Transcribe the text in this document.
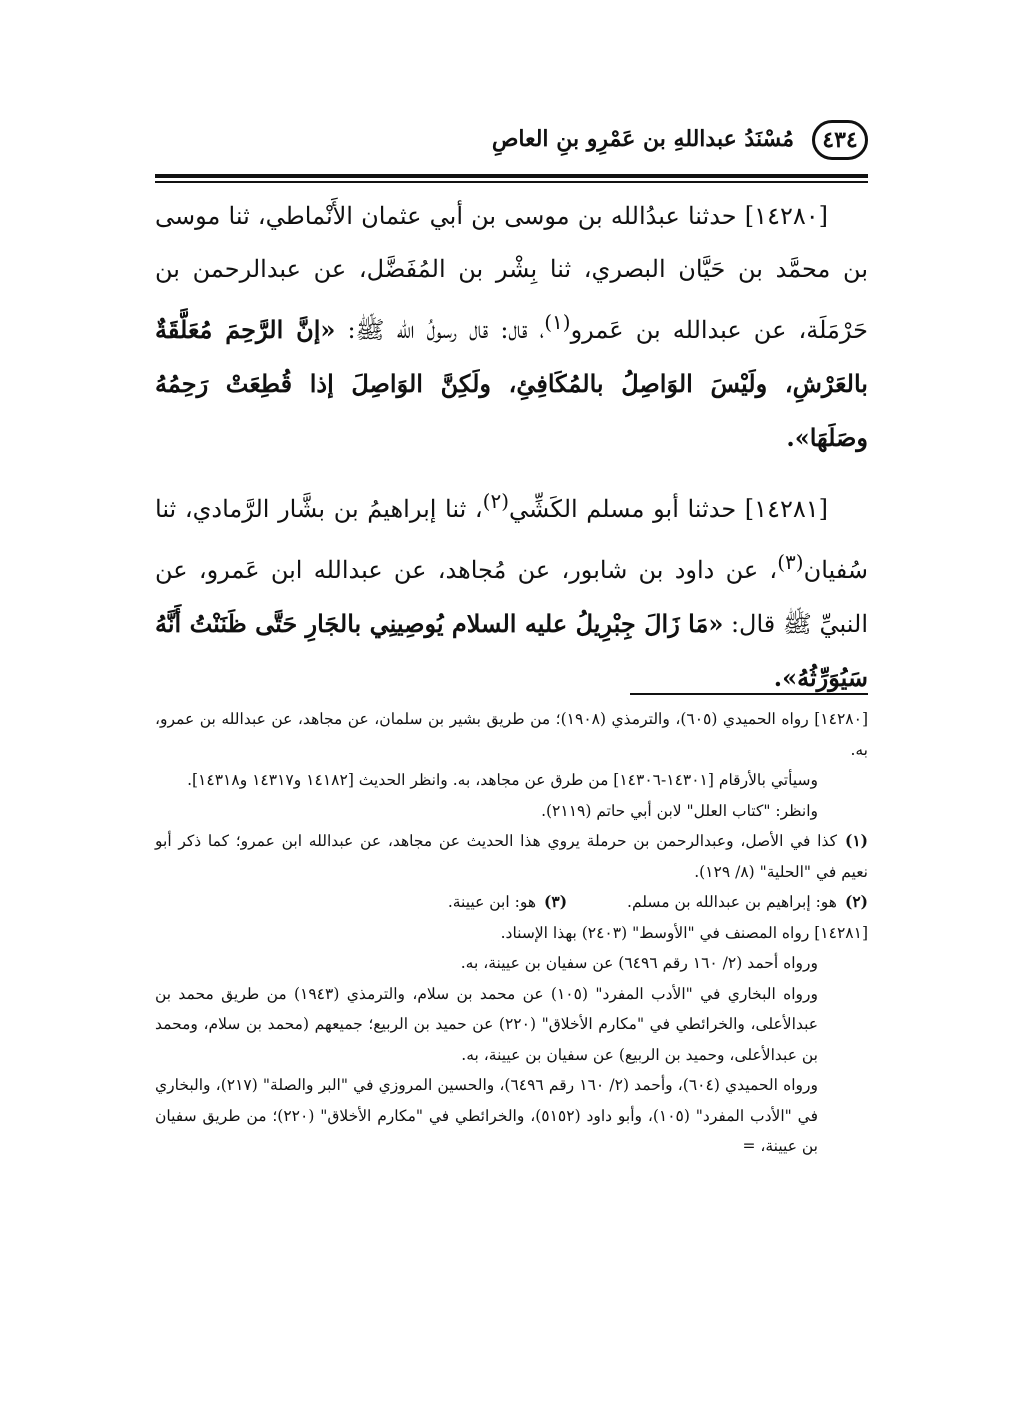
٤٣٤
مُسْنَدُ عبداللهِ بن عَمْرِو بنِ العاصِ

[١٤٢٨٠] حدثنا عبدُالله بن موسى بن أبي عثمان الأَنْماطي، ثنا موسى بن محمَّد بن حَيَّان البصري، ثنا بِشْر بن المُفَضَّل، عن عبدالرحمن بن حَرْمَلَة، عن عبدالله بن عَمرو$^{(١)}$، قال: قال رسولُ الله ﷺ: «إنَّ الرَّحِمَ مُعَلَّقَةٌ بالعَرْشِ، ولَيْسَ الوَاصِلُ بالمُكَافِئِ، ولَكِنَّ الوَاصِلَ إذا قُطِعَتْ رَحِمُهُ وصَلَهَا».

[١٤٢٨١] حدثنا أبو مسلم الكَشِّي$^{(٢)}$، ثنا إبراهيمُ بن بشَّار الرَّمادي، ثنا سُفيان$^{(٣)}$، عن داود بن شابور، عن مُجاهد، عن عبدالله ابن عَمرو، عن النبيِّ ﷺ قال: «مَا زَالَ جِبْرِيلُ عليه السلام يُوصِينِي بالجَارِ حَتَّى ظَنَنْتُ أَنَّهُ سَيُوَرِّثُهُ».

[١٤٢٨٠] رواه الحميدي (٦٠٥)، والترمذي (١٩٠٨)؛ من طريق بشير بن سلمان، عن مجاهد، عن عبدالله بن عمرو، به.

وسيأتي بالأرقام [١٤٣٠١-١٤٣٠٦] من طرق عن مجاهد، به. وانظر الحديث [١٤١٨٢ و١٤٣١٧ و١٤٣١٨].

وانظر: "كتاب العلل" لابن أبي حاتم (٢١١٩).

(١)كذا في الأصل، وعبدالرحمن بن حرملة يروي هذا الحديث عن مجاهد، عن عبدالله ابن عمرو؛ كما ذكر أبو نعيم في "الحلية" (٨/ ١٢٩).

(٢)هو: إبراهيم بن عبدالله بن مسلم.(٣)هو: ابن عيينة.

[١٤٢٨١] رواه المصنف في "الأوسط" (٢٤٠٣) بهذا الإسناد.

ورواه أحمد (٢/ ١٦٠ رقم ٦٤٩٦) عن سفيان بن عيينة، به.

ورواه البخاري في "الأدب المفرد" (١٠٥) عن محمد بن سلام، والترمذي (١٩٤٣) من طريق محمد بن عبدالأعلى، والخرائطي في "مكارم الأخلاق" (٢٢٠) عن حميد بن الربيع؛ جميعهم (محمد بن سلام، ومحمد بن عبدالأعلى، وحميد بن الربيع) عن سفيان بن عيينة، به.

ورواه الحميدي (٦٠٤)، وأحمد (٢/ ١٦٠ رقم ٦٤٩٦)، والحسين المروزي في "البر والصلة" (٢١٧)، والبخاري في "الأدب المفرد" (١٠٥)، وأبو داود (٥١٥٢)، والخرائطي في "مكارم الأخلاق" (٢٢٠)؛ من طريق سفيان بن عيينة، =
